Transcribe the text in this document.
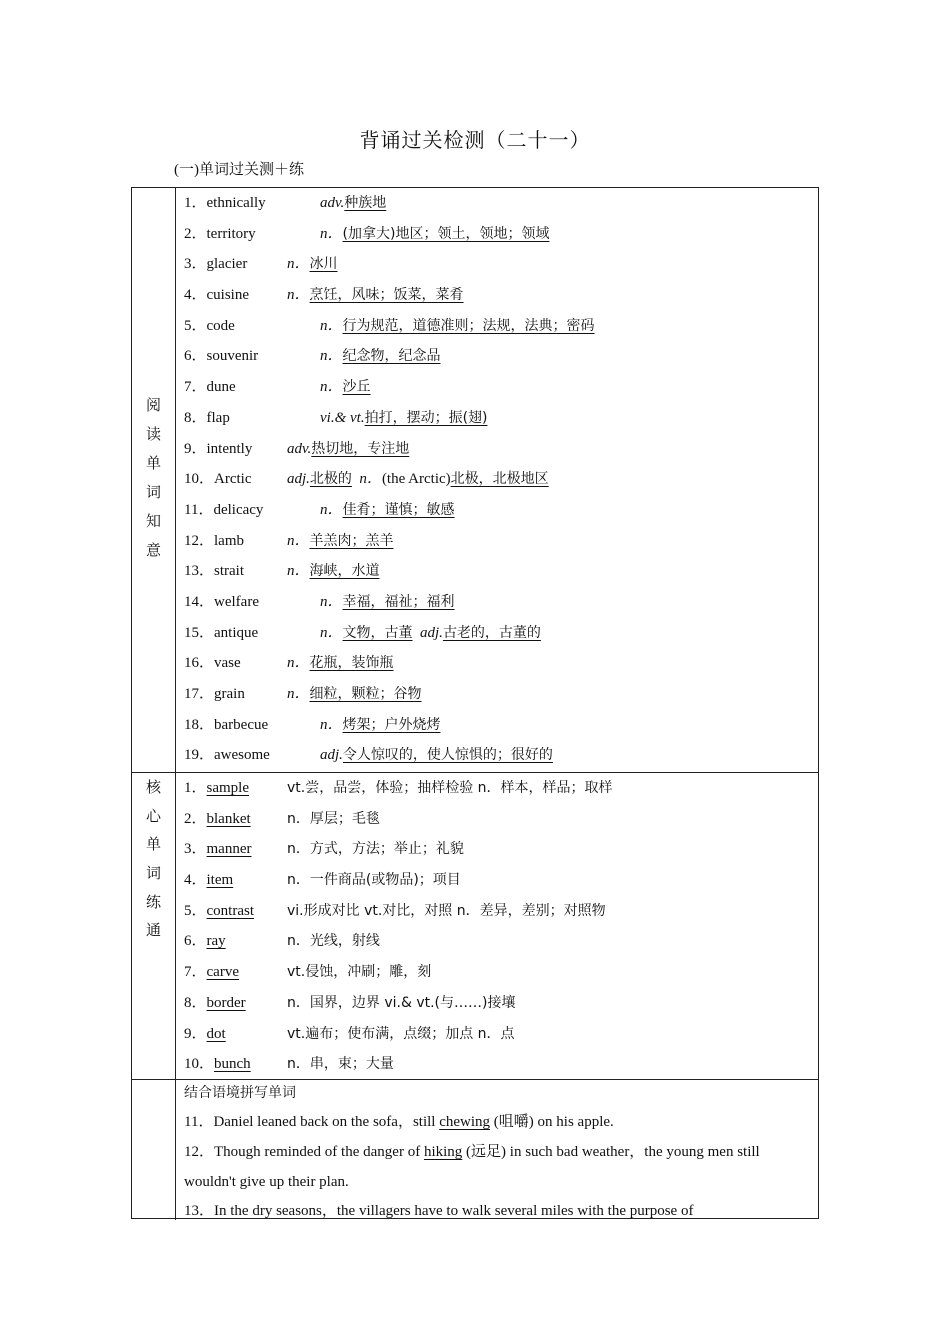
背诵过关检测（二十一）
(一)单词过关测＋练
阅
读
单
词
知
意
1．ethnically	adv.种族地
2．territory	n．(加拿大)地区；领土，领地；领域
3．glacier	n．冰川
4．cuisine	n．烹饪，风味；饭菜，菜肴
5．code	n．行为规范，道德准则；法规，法典；密码
6．souvenir	n．纪念物，纪念品
7．dune	n．沙丘
8．flap	vi.& vt.拍打，摆动；振(翅)
9．intently adv.热切地，专注地
10．Arctic adj.北极的 n．(the Arctic)北极，北极地区
11．delicacy	n．佳肴；谨慎；敏感
12．lamb	n．羊羔肉；羔羊
13．strait	n．海峡，水道
14．welfare	n．幸福，福祉；福利
15．antique	n．文物，古董 adj.古老的，古董的
16．vase	n．花瓶，装饰瓶
17．grain	n．细粒，颗粒；谷物
18．barbecue	n．烤架；户外烧烤
19．awesome	adj.令人惊叹的，使人惊惧的；很好的
核
心
单
词
练
通
1．sample	vt.尝，品尝，体验；抽样检验 n．样本，样品；取样
2．blanket	n．厚层；毛毯
3．manner	n．方式，方法；举止；礼貌
4．item	n．一件商品(或物品)；项目
5．contrast vi.形成对比 vt.对比，对照 n．差异，差别；对照物
6．ray	n．光线，射线
7．carve	vt.侵蚀，冲刷；雕，刻
8．border	n．国界，边界 vi.& vt.(与……)接壤
9．dot	vt.遍布；使布满，点缀；加点 n．点
10．bunch	n．串，束；大量
结合语境拼写单词
11．Daniel leaned back on the sofa，still chewing (咀嚼) on his apple.
12．Though reminded of the danger of hiking (远足) in such bad weather，the young men still wouldn't give up their plan.
13．In the dry seasons，the villagers have to walk several miles with the purpose of
